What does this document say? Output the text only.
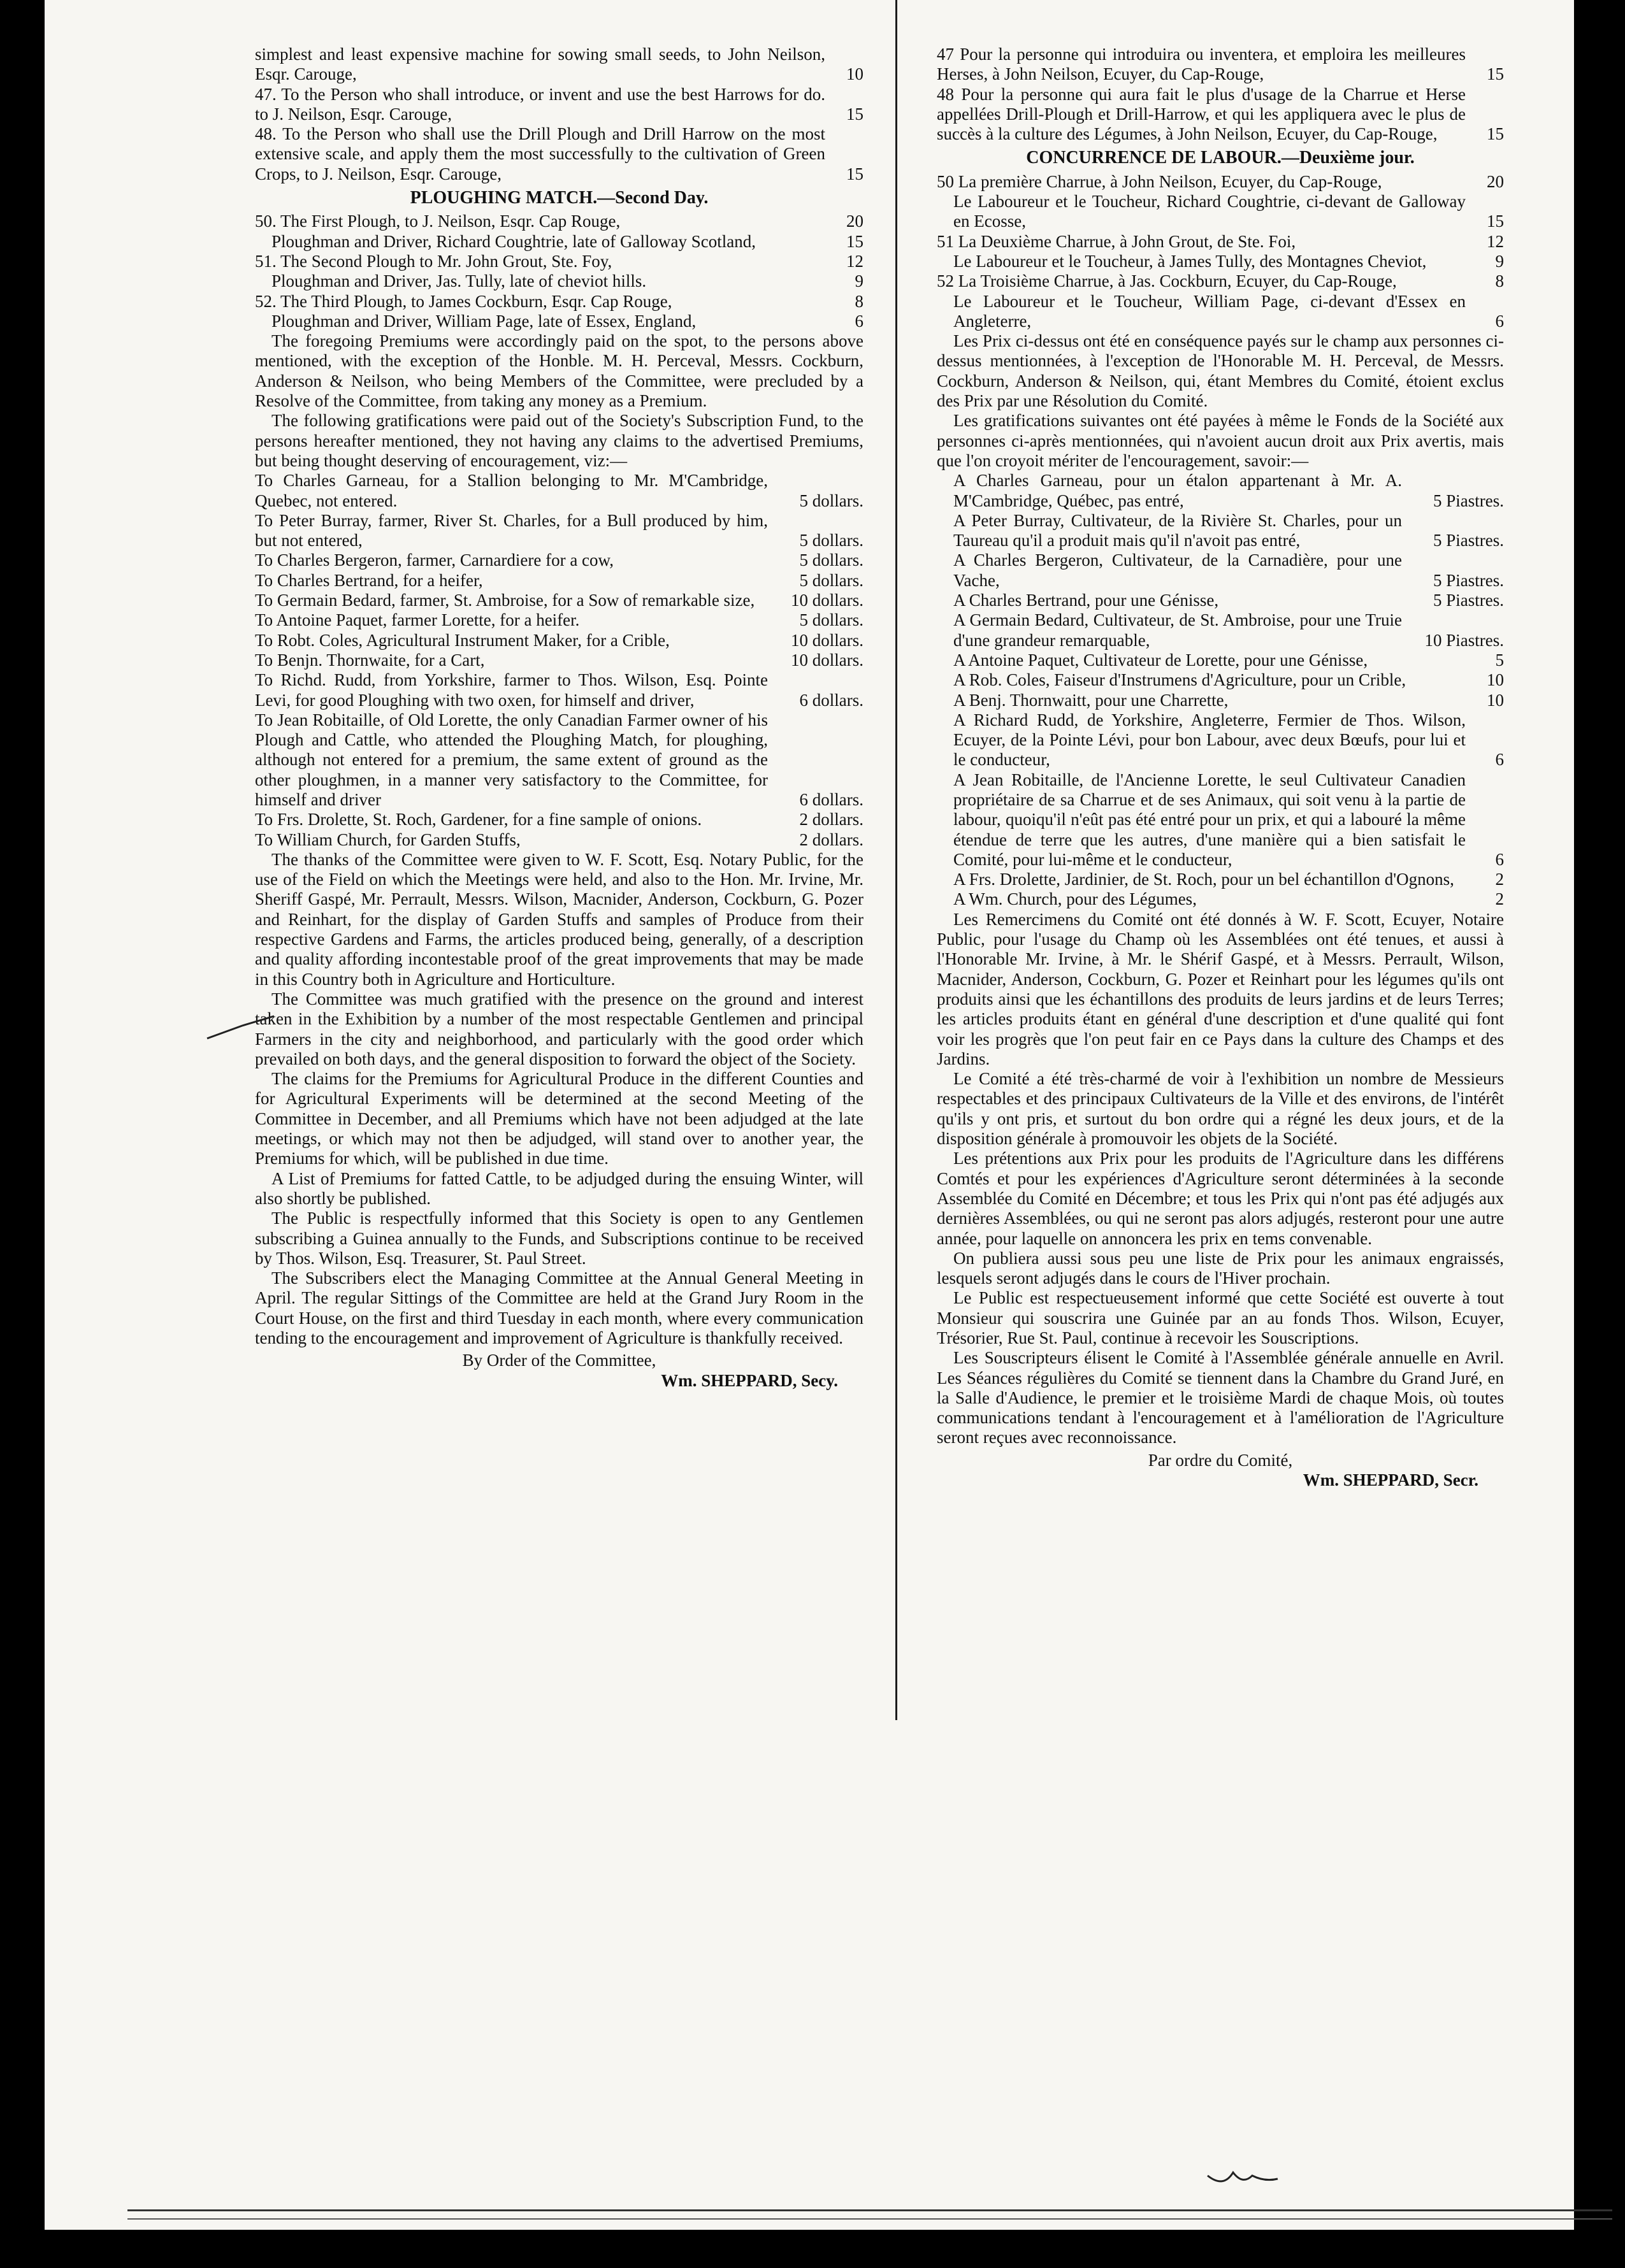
simplest and least expensive machine for sowing small seeds, to John Neilson, Esqr. Carouge,	10
47. To the Person who shall introduce, or invent and use the best Harrows for do. to J. Neilson, Esqr. Carouge,	15
48. To the Person who shall use the Drill Plough and Drill Harrow on the most extensive scale, and apply them the most successfully to the cultivation of Green Crops, to J. Neilson, Esqr. Carouge,	15
PLOUGHING MATCH.—Second Day.
50. The First Plough, to J. Neilson, Esqr. Cap Rouge,	20
Ploughman and Driver, Richard Coughtrie, late of Galloway Scotland,	15
51. The Second Plough to Mr. John Grout, Ste. Foy,	12
Ploughman and Driver, Jas. Tully, late of cheviot hills.	9
52. The Third Plough, to James Cockburn, Esqr. Cap Rouge,	8
Ploughman and Driver, William Page, late of Essex, England,	6

The foregoing Premiums were accordingly paid on the spot, to the persons above mentioned, with the exception of the Honble. M. H. Perceval, Messrs. Cockburn, Anderson & Neilson, who being Members of the Committee, were precluded by a Resolve of the Committee, from taking any money as a Premium.

The following gratifications were paid out of the Society's Subscription Fund, to the persons hereafter mentioned, they not having any claims to the advertised Premiums, but being thought deserving of encouragement, viz:—

To Charles Garneau, for a Stallion belonging to Mr. M'Cambridge, Quebec, not entered.	5 dollars.
To Peter Burray, farmer, River St. Charles, for a Bull produced by him, but not entered,	5 dollars.
To Charles Bergeron, farmer, Carnardiere for a cow,	5 dollars.
To Charles Bertrand, for a heifer,	5 dollars.
To Germain Bedard, farmer, St. Ambroise, for a Sow of remarkable size,	10 dollars.
To Antoine Paquet, farmer Lorette, for a heifer.	5 dollars.
To Robt. Coles, Agricultural Instrument Maker, for a Crible,	10 dollars.
To Benjn. Thornwaite, for a Cart,	10 dollars.
To Richd. Rudd, from Yorkshire, farmer to Thos. Wilson, Esq. Pointe Levi, for good Ploughing with two oxen, for himself and driver,	6 dollars.
To Jean Robitaille, of Old Lorette, the only Canadian Farmer owner of his Plough and Cattle, who attended the Ploughing Match, for ploughing, although not entered for a premium, the same extent of ground as the other ploughmen, in a manner very satisfactory to the Committee, for himself and driver	6 dollars.
To Frs. Drolette, St. Roch, Gardener, for a fine sample of onions.	2 dollars.
To William Church, for Garden Stuffs,	2 dollars.

The thanks of the Committee were given to W. F. Scott, Esq. Notary Public, for the use of the Field on which the Meetings were held, and also to the Hon. Mr. Irvine, Mr. Sheriff Gaspé, Mr. Perrault, Messrs. Wilson, Macnider, Anderson, Cockburn, G. Pozer and Reinhart, for the display of Garden Stuffs and samples of Produce from their respective Gardens and Farms, the articles produced being, generally, of a description and quality affording incontestable proof of the great improvements that may be made in this Country both in Agriculture and Horticulture.

The Committee was much gratified with the presence on the ground and interest taken in the Exhibition by a number of the most respectable Gentlemen and principal Farmers in the city and neighborhood, and particularly with the good order which prevailed on both days, and the general disposition to forward the object of the Society.

The claims for the Premiums for Agricultural Produce in the different Counties and for Agricultural Experiments will be determined at the second Meeting of the Committee in December, and all Premiums which have not been adjudged at the late meetings, or which may not then be adjudged, will stand over to another year, the Premiums for which, will be published in due time.

A List of Premiums for fatted Cattle, to be adjudged during the ensuing Winter, will also shortly be published.

The Public is respectfully informed that this Society is open to any Gentlemen subscribing a Guinea annually to the Funds, and Subscriptions continue to be received by Thos. Wilson, Esq. Treasurer, St. Paul Street.

The Subscribers elect the Managing Committee at the Annual General Meeting in April. The regular Sittings of the Committee are held at the Grand Jury Room in the Court House, on the first and third Tuesday in each month, where every communication tending to the encouragement and improvement of Agriculture is thankfully received.

By Order of the Committee,
Wm. SHEPPARD, Secy.
47 Pour la personne qui introduira ou inventera, et emploira les meilleures Herses, à John Neilson, Ecuyer, du Cap-Rouge,	15
48 Pour la personne qui aura fait le plus d'usage de la Charrue et Herse appellées Drill-Plough et Drill-Harrow, et qui les appliquera avec le plus de succès à la culture des Légumes, à John Neilson, Ecuyer, du Cap-Rouge,	15
CONCURRENCE DE LABOUR.—Deuxième jour.
50 La première Charrue, à John Neilson, Ecuyer, du Cap-Rouge,	20
Le Laboureur et le Toucheur, Richard Coughtrie, ci-devant de Galloway en Ecosse,	15
51 La Deuxième Charrue, à John Grout, de Ste. Foi,	12
Le Laboureur et le Toucheur, à James Tully, des Montagnes Cheviot,	9
52 La Troisième Charrue, à Jas. Cockburn, Ecuyer, du Cap-Rouge,	8
Le Laboureur et le Toucheur, William Page, ci-devant d'Essex en Angleterre,	6

Les Prix ci-dessus ont été en conséquence payés sur le champ aux personnes ci-dessus mentionnées, à l'exception de l'Honorable M. H. Perceval, de Messrs. Cockburn, Anderson & Neilson, qui, étant Membres du Comité, étoient exclus des Prix par une Résolution du Comité.

Les gratifications suivantes ont été payées à même le Fonds de la Société aux personnes ci-après mentionnées, qui n'avoient aucun droit aux Prix avertis, mais que l'on croyoit mériter de l'encouragement, savoir:—

A Charles Garneau, pour un étalon appartenant à Mr. A. M'Cambridge, Québec, pas entré,	5 Piastres.
A Peter Burray, Cultivateur, de la Rivière St. Charles, pour un Taureau qu'il a produit mais qu'il n'avoit pas entré,	5 Piastres.
A Charles Bergeron, Cultivateur, de la Carnadière, pour une Vache,	5 Piastres.
A Charles Bertrand, pour une Génisse,	5 Piastres.
A Germain Bedard, Cultivateur, de St. Ambroise, pour une Truie d'une grandeur remarquable,	10 Piastres.
A Antoine Paquet, Cultivateur de Lorette, pour une Génisse,	5
A Rob. Coles, Faiseur d'Instrumens d'Agriculture, pour un Crible,	10
A Benj. Thornwaitt, pour une Charrette,	10
A Richard Rudd, de Yorkshire, Angleterre, Fermier de Thos. Wilson, Ecuyer, de la Pointe Lévi, pour bon Labour, avec deux Bœufs, pour lui et le conducteur,	6
A Jean Robitaille, de l'Ancienne Lorette, le seul Cultivateur Canadien propriétaire de sa Charrue et de ses Animaux, qui soit venu à la partie de labour, quoiqu'il n'eût pas été entré pour un prix, et qui a labouré la même étendue de terre que les autres, d'une manière qui a bien satisfait le Comité, pour lui-même et le conducteur,	6
A Frs. Drolette, Jardinier, de St. Roch, pour un bel échantillon d'Ognons,	2
A Wm. Church, pour des Légumes,	2

Les Remercimens du Comité ont été donnés à W. F. Scott, Ecuyer, Notaire Public, pour l'usage du Champ où les Assemblées ont été tenues, et aussi à l'Honorable Mr. Irvine, à Mr. le Shérif Gaspé, et à Messrs. Perrault, Wilson, Macnider, Anderson, Cockburn, G. Pozer et Reinhart pour les légumes qu'ils ont produits ainsi que les échantillons des produits de leurs jardins et de leurs Terres; les articles produits étant en général d'une description et d'une qualité qui font voir les progrès que l'on peut fair en ce Pays dans la culture des Champs et des Jardins.

Le Comité a été très-charmé de voir à l'exhibition un nombre de Messieurs respectables et des principaux Cultivateurs de la Ville et des environs, de l'intérêt qu'ils y ont pris, et surtout du bon ordre qui a régné les deux jours, et de la disposition générale à promouvoir les objets de la Société.

Les prétentions aux Prix pour les produits de l'Agriculture dans les différens Comtés et pour les expériences d'Agriculture seront déterminées à la seconde Assemblée du Comité en Décembre; et tous les Prix qui n'ont pas été adjugés aux dernières Assemblées, ou qui ne seront pas alors adjugés, resteront pour une autre année, pour laquelle on annoncera les prix en tems convenable.

On publiera aussi sous peu une liste de Prix pour les animaux engraissés, lesquels seront adjugés dans le cours de l'Hiver prochain.

Le Public est respectueusement informé que cette Société est ouverte à tout Monsieur qui souscrira une Guinée par an au fonds Thos. Wilson, Ecuyer, Trésorier, Rue St. Paul, continue à recevoir les Souscriptions.

Les Souscripteurs élisent le Comité à l'Assemblée générale annuelle en Avril. Les Séances régulières du Comité se tiennent dans la Chambre du Grand Juré, en la Salle d'Audience, le premier et le troisième Mardi de chaque Mois, où toutes communications tendant à l'encouragement et à l'amélioration de l'Agriculture seront reçues avec reconnoissance.

Par ordre du Comité,
Wm. SHEPPARD, Secr.
